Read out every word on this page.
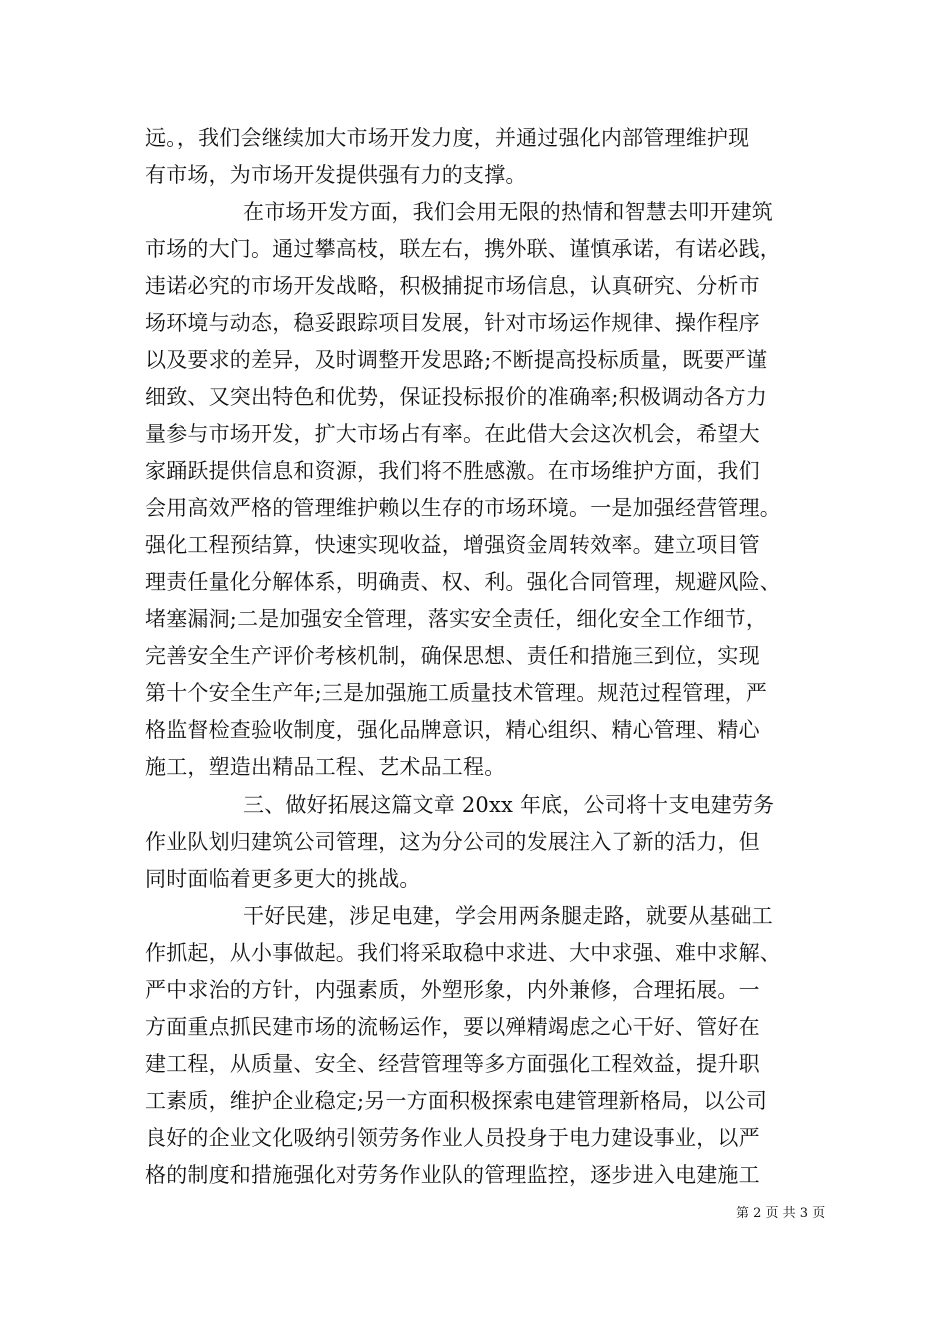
远。，我们会继续加大市场开发力度，并通过强化内部管理维护现
有市场，为市场开发提供强有力的支撑。
在市场开发方面，我们会用无限的热情和智慧去叩开建筑
市场的大门。通过攀高枝，联左右，携外联、谨慎承诺，有诺必践，
违诺必究的市场开发战略，积极捕捉市场信息，认真研究、分析市
场环境与动态，稳妥跟踪项目发展，针对市场运作规律、操作程序
以及要求的差异，及时调整开发思路;不断提高投标质量，既要严谨
细致、又突出特色和优势，保证投标报价的准确率;积极调动各方力
量参与市场开发，扩大市场占有率。在此借大会这次机会，希望大
家踊跃提供信息和资源，我们将不胜感激。在市场维护方面，我们
会用高效严格的管理维护赖以生存的市场环境。一是加强经营管理。
强化工程预结算，快速实现收益，增强资金周转效率。建立项目管
理责任量化分解体系，明确责、权、利。强化合同管理，规避风险、
堵塞漏洞;二是加强安全管理，落实安全责任，细化安全工作细节，
完善安全生产评价考核机制，确保思想、责任和措施三到位，实现
第十个安全生产年;三是加强施工质量技术管理。规范过程管理，严
格监督检查验收制度，强化品牌意识，精心组织、精心管理、精心
施工，塑造出精品工程、艺术品工程。
三、做好拓展这篇文章 20xx 年底，公司将十支电建劳务
作业队划归建筑公司管理，这为分公司的发展注入了新的活力，但
同时面临着更多更大的挑战。
干好民建，涉足电建，学会用两条腿走路，就要从基础工
作抓起，从小事做起。我们将采取稳中求进、大中求强、难中求解、
严中求治的方针，内强素质，外塑形象，内外兼修，合理拓展。一
方面重点抓民建市场的流畅运作，要以殚精竭虑之心干好、管好在
建工程，从质量、安全、经营管理等多方面强化工程效益，提升职
工素质，维护企业稳定;另一方面积极探索电建管理新格局，以公司
良好的企业文化吸纳引领劳务作业人员投身于电力建设事业，以严
格的制度和措施强化对劳务作业队的管理监控，逐步进入电建施工
第 2 页 共 3 页
